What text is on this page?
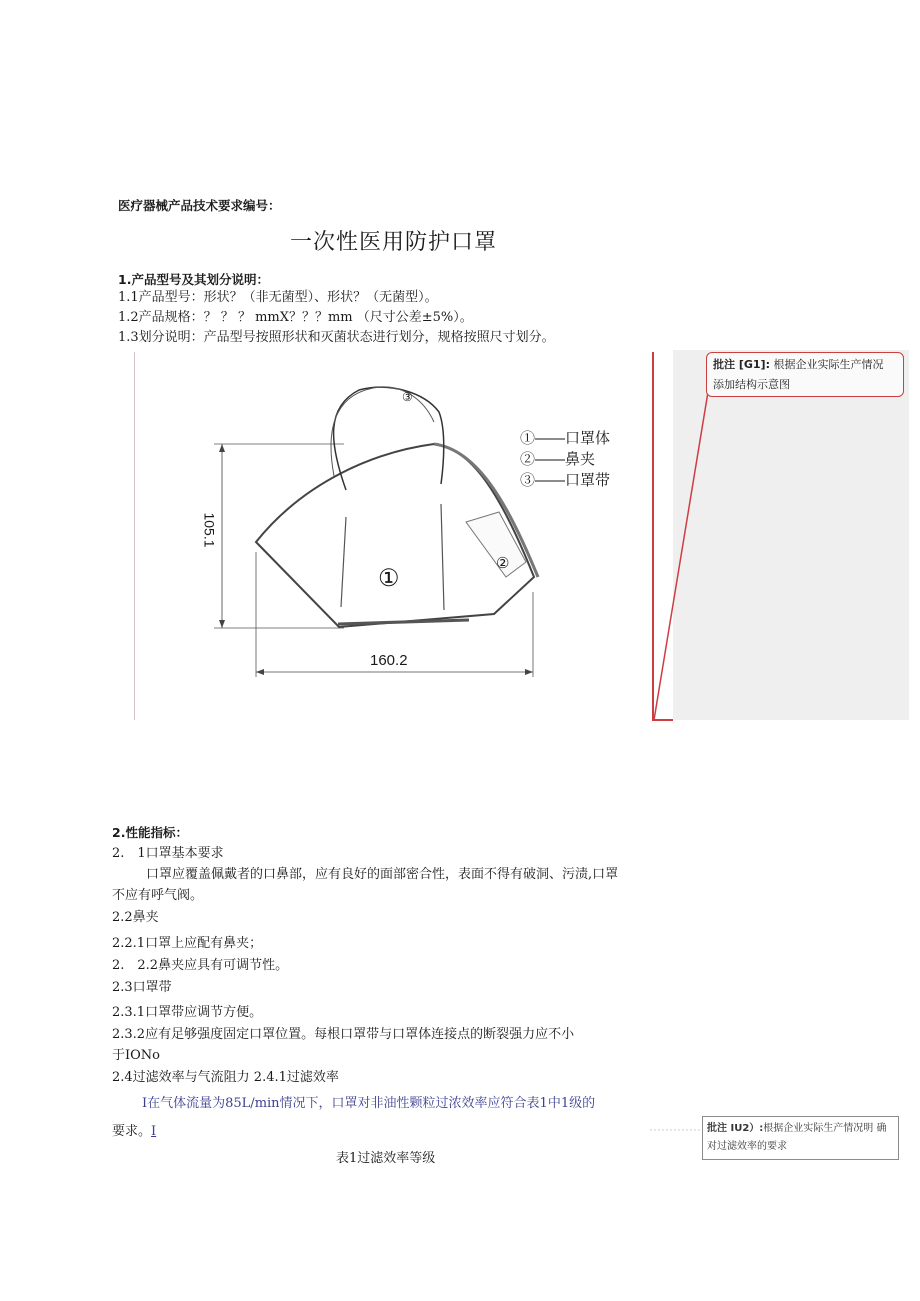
批注 [G1]: 根据企业实际生产情况
添加结构示意图
医疗器械产品技术要求编号：
一次性医用防护口罩
1.产品型号及其划分说明：
1.1产品型号：形状？（非无菌型）、形状？（无菌型）。
1.2产品规格：？ ？ ？ mmX？？？mm （尺寸公差±5%）。
1.3划分说明：产品型号按照形状和灭菌状态进行划分，规格按照尺寸划分。
③
①
②
105.1
160.2
①——口罩体
②——鼻夹
③——口罩带
2.性能指标：
2.　1口罩基本要求
口罩应覆盖佩戴者的口鼻部，应有良好的面部密合性，表面不得有破洞、污渍,口罩
不应有呼气阀。
2.2鼻夹
2.2.1口罩上应配有鼻夹；
2.　2.2鼻夹应具有可调节性。
2.3口罩带
2.3.1口罩带应调节方便。
2.3.2应有足够强度固定口罩位置。每根口罩带与口罩体连接点的断裂强力应不小
于IONo
2.4过滤效率与气流阻力 2.4.1过滤效率
I在气体流量为85L/min情况下，口罩对非油性颗粒过浓效率应符合表1中1级的
要求。I
表1过滤效率等级
批注 IU2）:根据企业实际生产情况明 确
对过滤效率的要求
